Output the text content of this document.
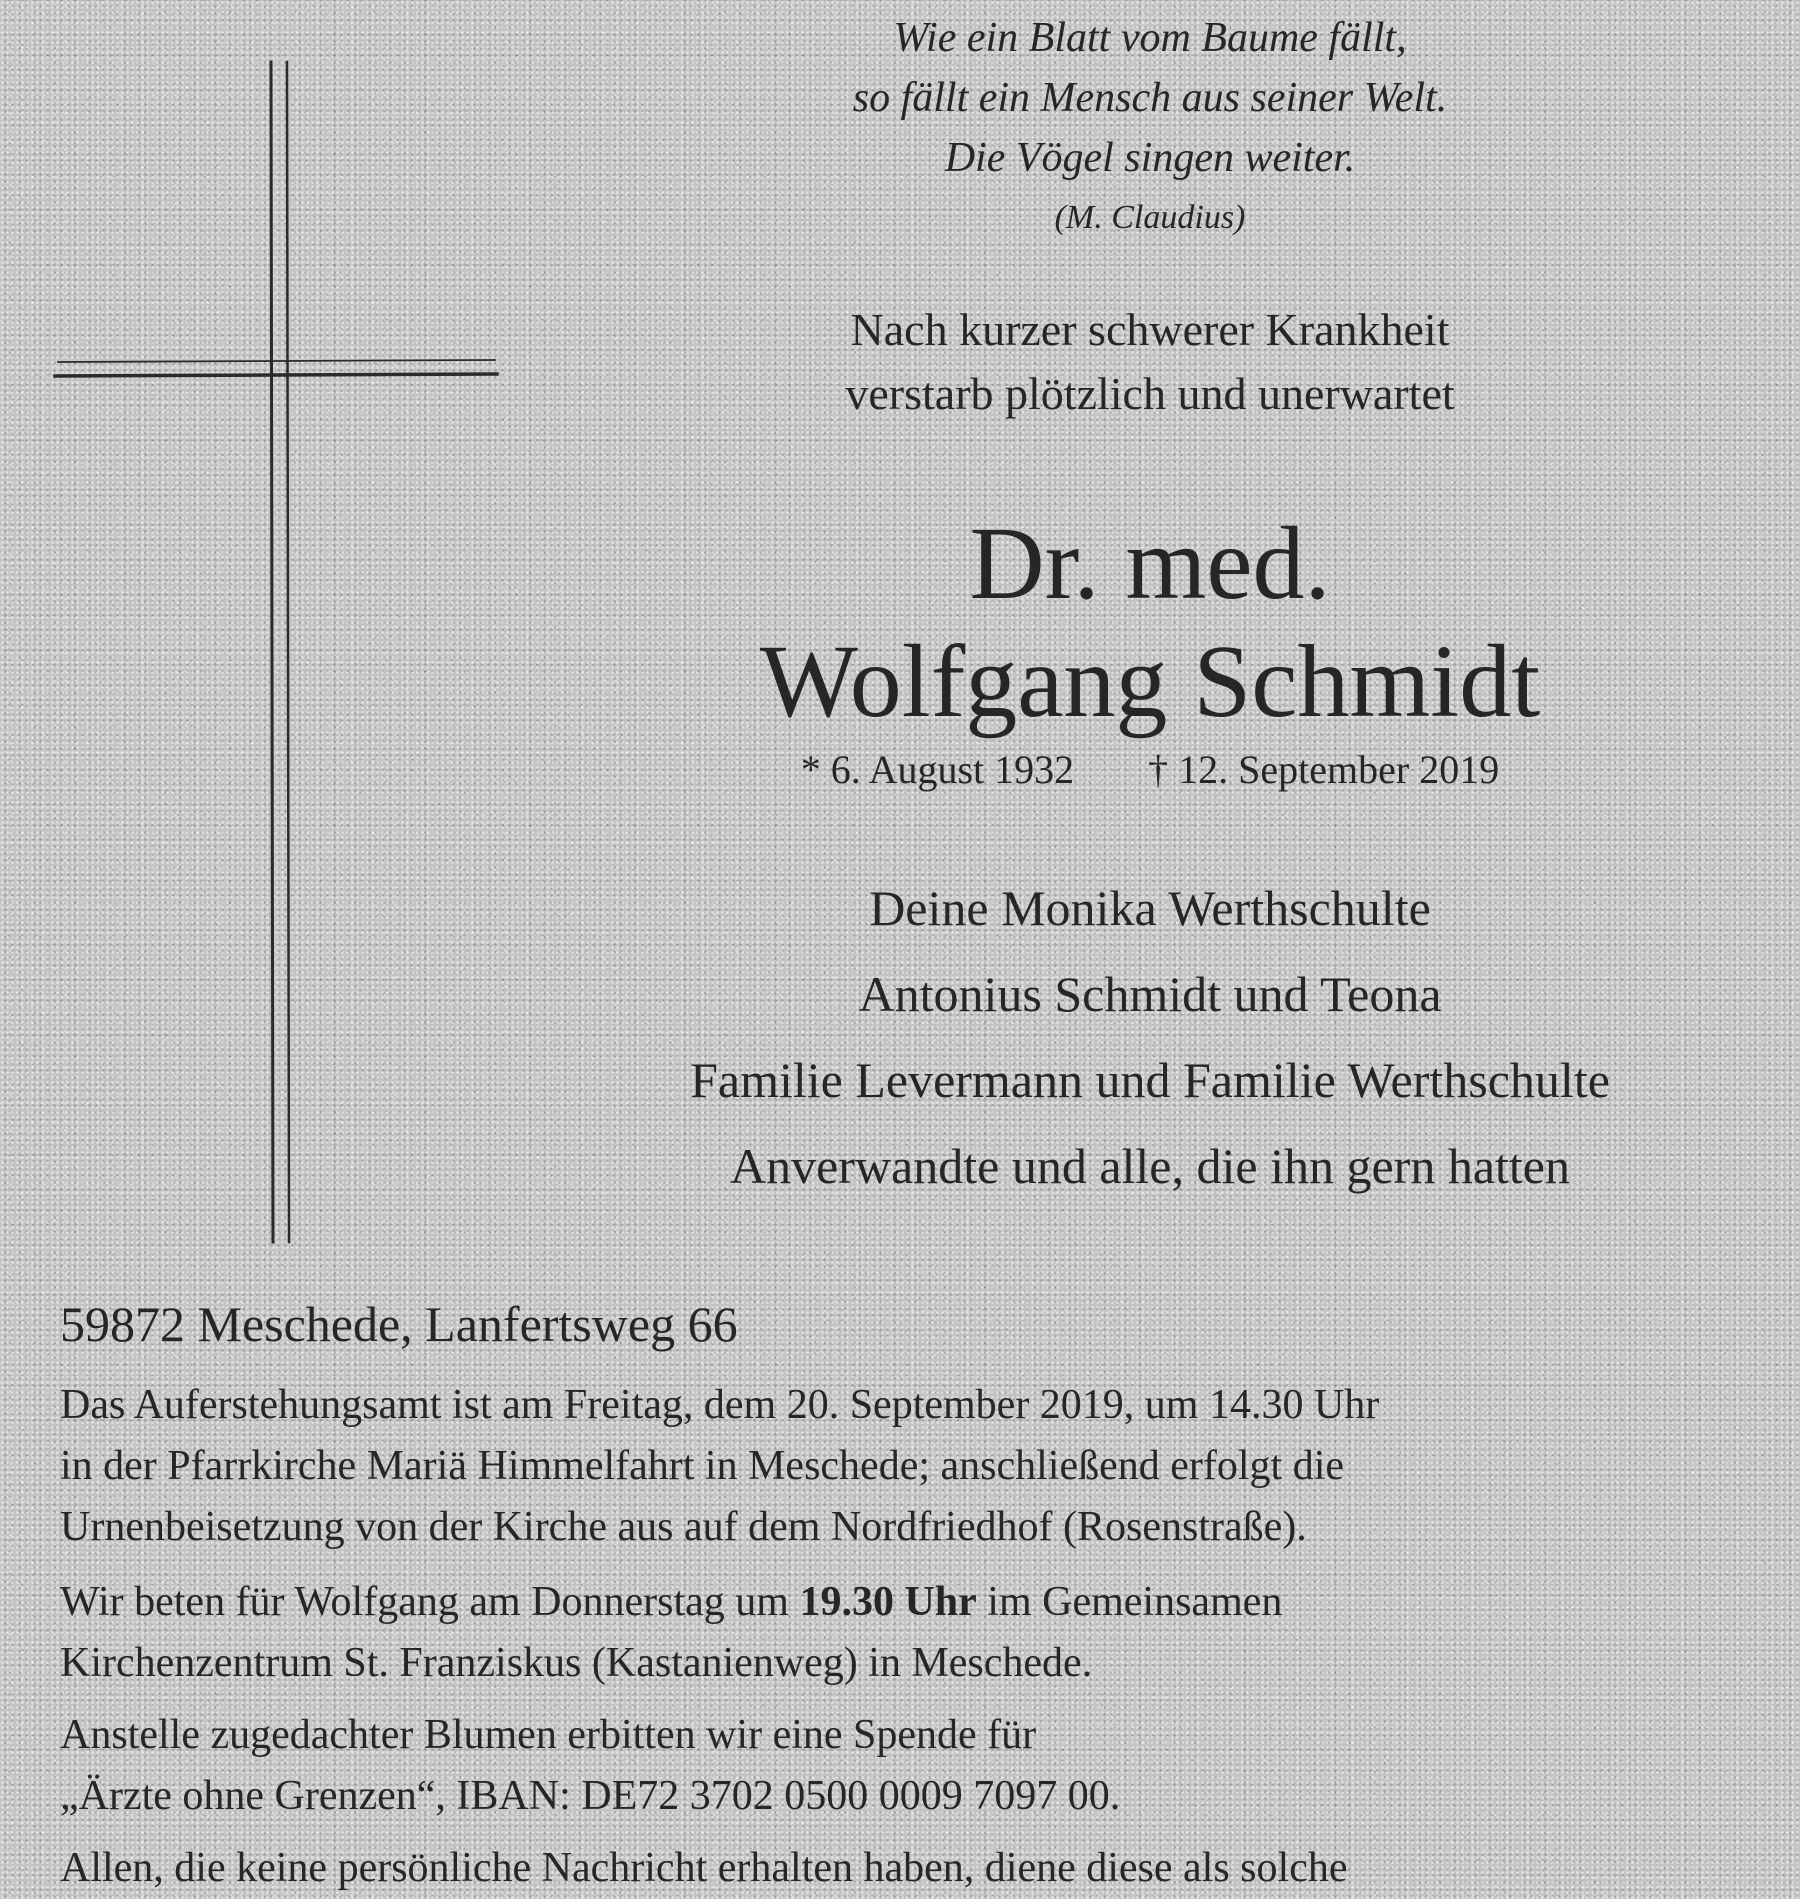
Wie ein Blatt vom Baume fällt,
so fällt ein Mensch aus seiner Welt.
Die Vögel singen weiter.
(M. Claudius)
Nach kurzer schwerer Krankheit
verstarb plötzlich und unerwartet
Dr. med.
Wolfgang Schmidt
* 6. August 1932 † 12. September 2019
Deine Monika Werthschulte
Antonius Schmidt und Teona
Familie Levermann und Familie Werthschulte
Anverwandte und alle, die ihn gern hatten
59872 Meschede, Lanfertsweg 66
Das Auferstehungsamt ist am Freitag, dem 20. September 2019, um 14.30 Uhr
in der Pfarrkirche Mariä Himmelfahrt in Meschede; anschließend erfolgt die
Urnenbeisetzung von der Kirche aus auf dem Nordfriedhof (Rosenstraße).
Wir beten für Wolfgang am Donnerstag um 19.30 Uhr im Gemeinsamen
Kirchenzentrum St. Franziskus (Kastanienweg) in Meschede.
Anstelle zugedachter Blumen erbitten wir eine Spende für
„Ärzte ohne Grenzen“, IBAN: DE72 3702 0500 0009 7097 00.
Allen, die keine persönliche Nachricht erhalten haben, diene diese als solche
